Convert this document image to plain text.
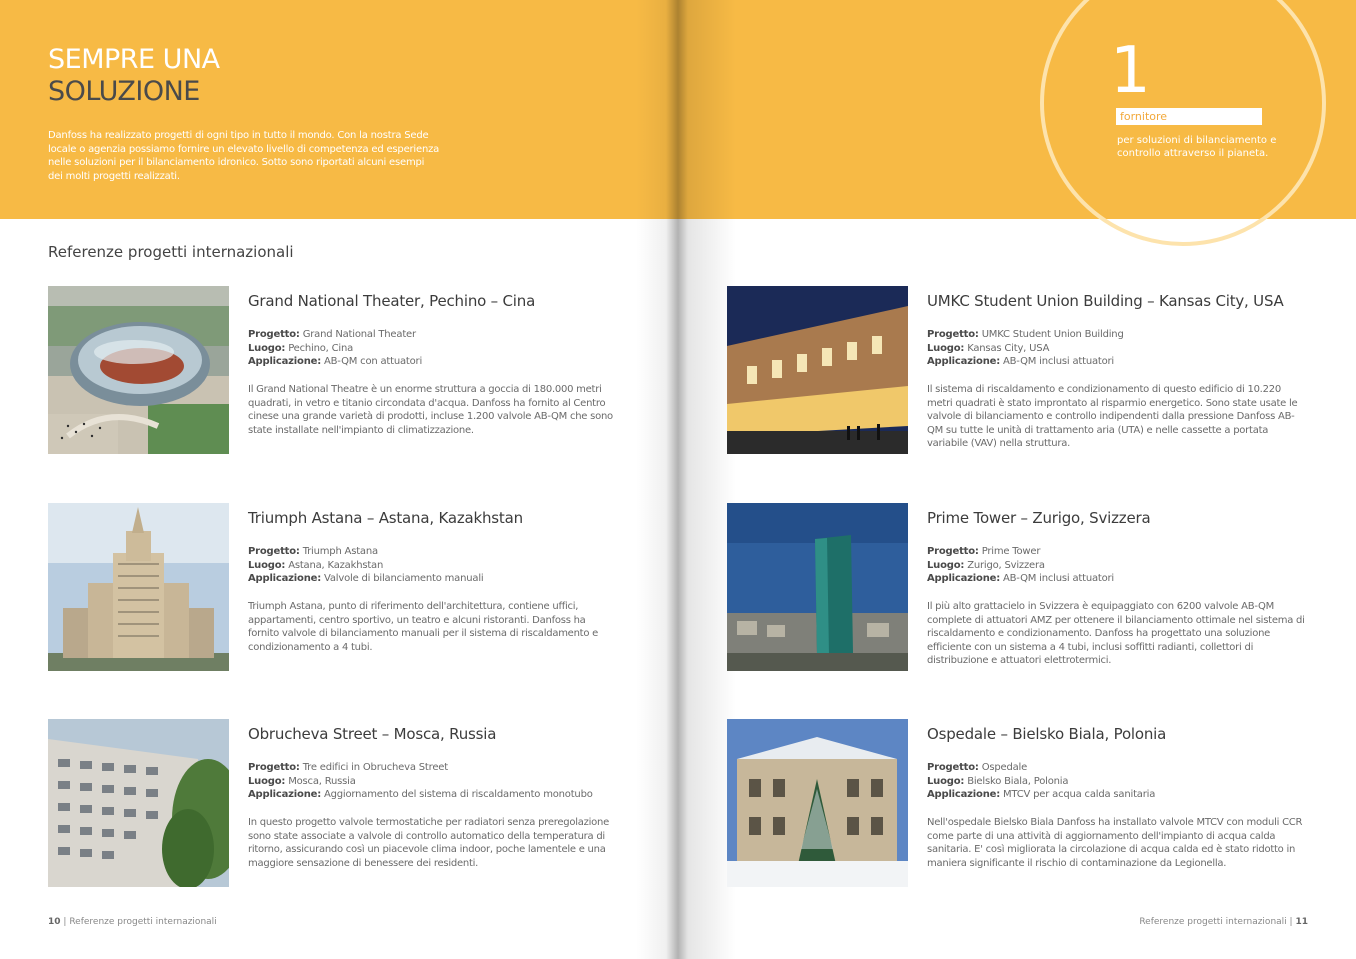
SEMPRE UNA
SOLUZIONE

Danfoss ha realizzato progetti di ogni tipo in tutto il mondo. Con la nostra Sede locale o agenzia possiamo fornire un elevato livello di competenza ed esperienza nelle soluzioni per il bilanciamento idronico. Sotto sono riportati alcuni esempi dei molti progetti realizzati.

1
fornitore

per soluzioni di bilanciamento e controllo attraverso il pianeta.

Referenze progetti internazionali
Grand National Theater, Pechino – Cina

Progetto: Grand National Theater
Luogo: Pechino, Cina
Applicazione: AB-QM con attuatori

Il Grand National Theatre è un enorme struttura a goccia di 180.000 metri quadrati, in vetro e titanio circondata d'acqua. Danfoss ha fornito al Centro cinese una grande varietà di prodotti, incluse 1.200 valvole AB-QM che sono state installate nell'impianto di climatizzazione.

Triumph Astana – Astana, Kazakhstan

Progetto: Triumph Astana
Luogo: Astana, Kazakhstan
Applicazione: Valvole di bilanciamento manuali

Triumph Astana, punto di riferimento dell'architettura, contiene uffici, appartamenti, centro sportivo, un teatro e alcuni ristoranti. Danfoss ha fornito valvole di bilanciamento manuali per il sistema di riscaldamento e condizionamento a 4 tubi.

Obrucheva Street – Mosca, Russia

Progetto: Tre edifici in Obrucheva Street
Luogo: Mosca, Russia
Applicazione: Aggiornamento del sistema di riscaldamento monotubo

In questo progetto valvole termostatiche per radiatori senza preregolazione sono state associate a valvole di controllo automatico della temperatura di ritorno, assicurando così un piacevole clima indoor, poche lamentele e una maggiore sensazione di benessere dei residenti.

UMKC Student Union Building – Kansas City, USA

Progetto: UMKC Student Union Building
Luogo: Kansas City, USA
Applicazione: AB-QM inclusi attuatori

Il sistema di riscaldamento e condizionamento di questo edificio di 10.220 metri quadrati è stato improntato al risparmio energetico. Sono state usate le valvole di bilanciamento e controllo indipendenti dalla pressione Danfoss AB-QM su tutte le unità di trattamento aria (UTA) e nelle cassette a portata variabile (VAV) nella struttura.

Prime Tower – Zurigo, Svizzera

Progetto: Prime Tower
Luogo: Zurigo, Svizzera
Applicazione: AB-QM inclusi attuatori

Il più alto grattacielo in Svizzera è equipaggiato con 6200 valvole AB-QM complete di attuatori AMZ per ottenere il bilanciamento ottimale nel sistema di riscaldamento e condizionamento. Danfoss ha progettato una soluzione efficiente con un sistema a 4 tubi, inclusi soffitti radianti, collettori di distribuzione e attuatori elettrotermici.

Ospedale – Bielsko Biala, Polonia

Progetto: Ospedale
Luogo: Bielsko Biala, Polonia
Applicazione: MTCV per acqua calda sanitaria

Nell'ospedale Bielsko Biala Danfoss ha installato valvole MTCV con moduli CCR come parte di una attività di aggiornamento dell'impianto di acqua calda sanitaria. E' così migliorata la circolazione di acqua calda ed è stato ridotto in maniera significante il rischio di contaminazione da Legionella.

10 | Referenze progetti internazionali	Referenze progetti internazionali | 11
